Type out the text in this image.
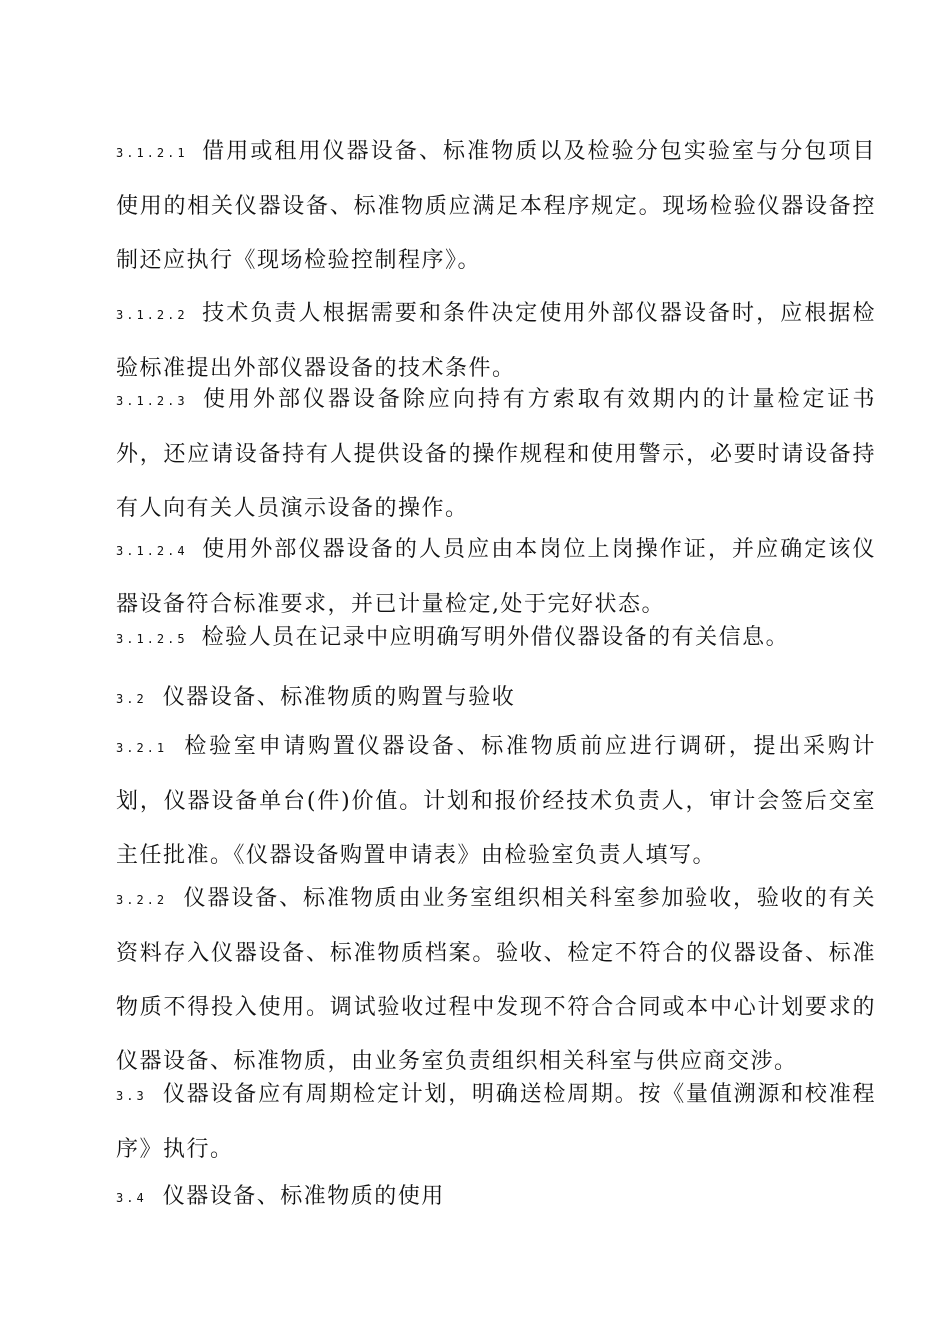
3.1.2.1 借用或租用仪器设备、标准物质以及检验分包实验室与分包项目使用的相关仪器设备、标准物质应满足本程序规定。现场检验仪器设备控制还应执行《现场检验控制程序》。

3.1.2.2 技术负责人根据需要和条件决定使用外部仪器设备时，应根据检验标准提出外部仪器设备的技术条件。

3.1.2.3 使用外部仪器设备除应向持有方索取有效期内的计量检定证书外，还应请设备持有人提供设备的操作规程和使用警示，必要时请设备持有人向有关人员演示设备的操作。

3.1.2.4 使用外部仪器设备的人员应由本岗位上岗操作证，并应确定该仪器设备符合标准要求，并已计量检定,处于完好状态。

3.1.2.5 检验人员在记录中应明确写明外借仪器设备的有关信息。

3.2 仪器设备、标准物质的购置与验收

3.2.1 检验室申请购置仪器设备、标准物质前应进行调研，提出采购计划，仪器设备单台(件)价值。计划和报价经技术负责人，审计会签后交室主任批准。《仪器设备购置申请表》由检验室负责人填写。

3.2.2 仪器设备、标准物质由业务室组织相关科室参加验收，验收的有关资料存入仪器设备、标准物质档案。验收、检定不符合的仪器设备、标准物质不得投入使用。调试验收过程中发现不符合合同或本中心计划要求的仪器设备、标准物质，由业务室负责组织相关科室与供应商交涉。

3.3 仪器设备应有周期检定计划，明确送检周期。按《量值溯源和校准程序》执行。

3.4 仪器设备、标准物质的使用
